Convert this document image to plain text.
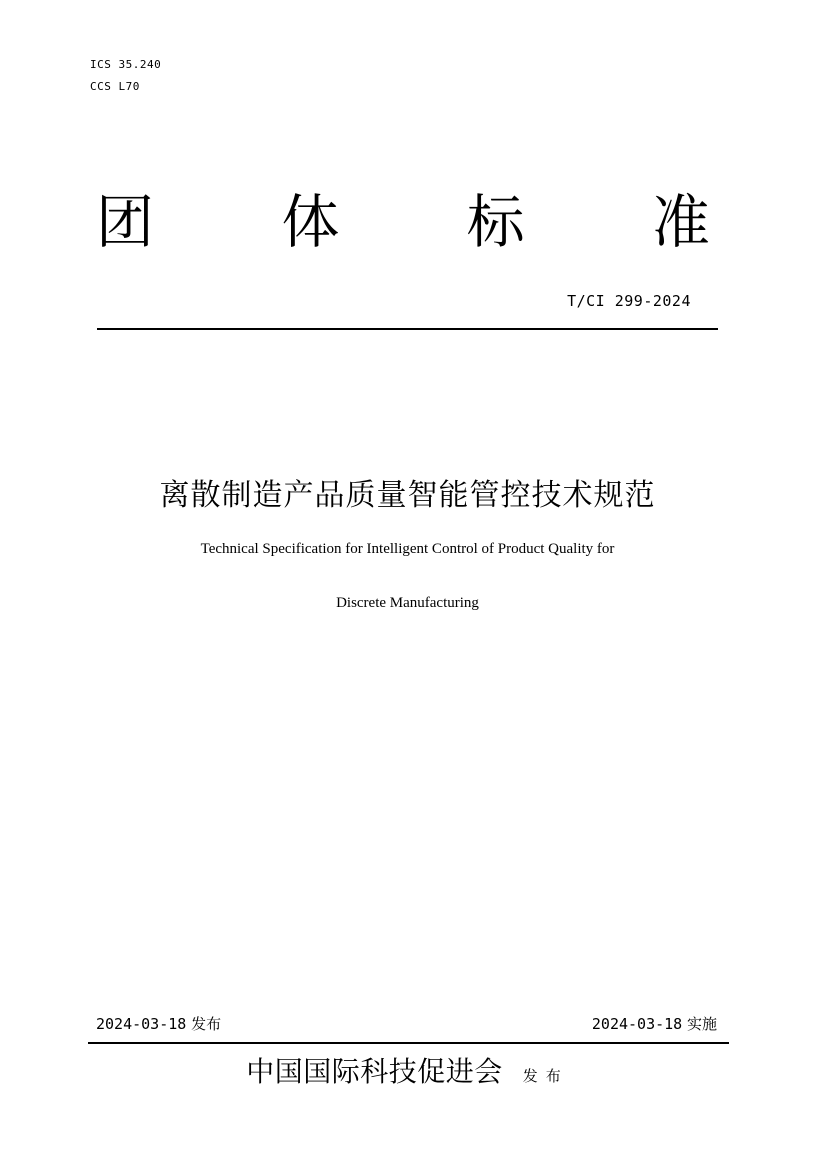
ICS 35.240
CCS L70
团 体 标 准
T/CI 299-2024
离散制造产品质量智能管控技术规范
Technical Specification for Intelligent Control of Product Quality for
Discrete Manufacturing
2024-03-18 发布	2024-03-18 实施
中国国际科技促进会 发布
